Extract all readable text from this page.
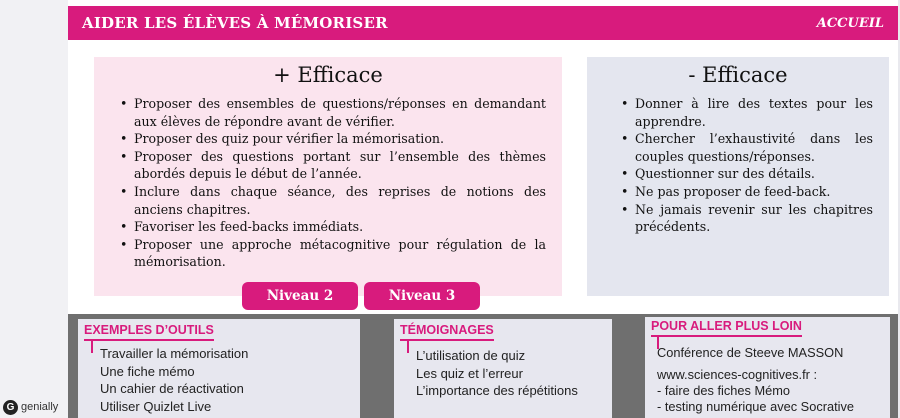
AIDER LES ÉLÈVES À MÉMORISER	ACCUEIL
+ Efficace
• Proposer des ensembles de questions/réponses en demandant aux élèves de répondre avant de vérifier.
• Proposer des quiz pour vérifier la mémorisation.
• Proposer des questions portant sur l’ensemble des thèmes abordés depuis le début de l’année.
• Inclure dans chaque séance, des reprises de notions des anciens chapitres.
• Favoriser les feed-backs immédiats.
• Proposer une approche métacognitive pour régulation de la mémorisation.
- Efficace
• Donner à lire des textes pour les apprendre.
• Chercher l’exhaustivité dans les couples questions/réponses.
• Questionner sur des détails.
• Ne pas proposer de feed-back.
• Ne jamais revenir sur les chapitres précédents.
Niveau 2	Niveau 3
EXEMPLES D’OUTILS
Travailler la mémorisation
Une fiche mémo
Un cahier de réactivation
Utiliser Quizlet Live
TÉMOIGNAGES
L’utilisation de quiz
Les quiz et l’erreur
L’importance des répétitions
POUR ALLER PLUS LOIN
Conférence de Steeve MASSON
www.sciences-cognitives.fr :
- faire des fiches Mémo
- testing numérique avec Socrative
G genially
